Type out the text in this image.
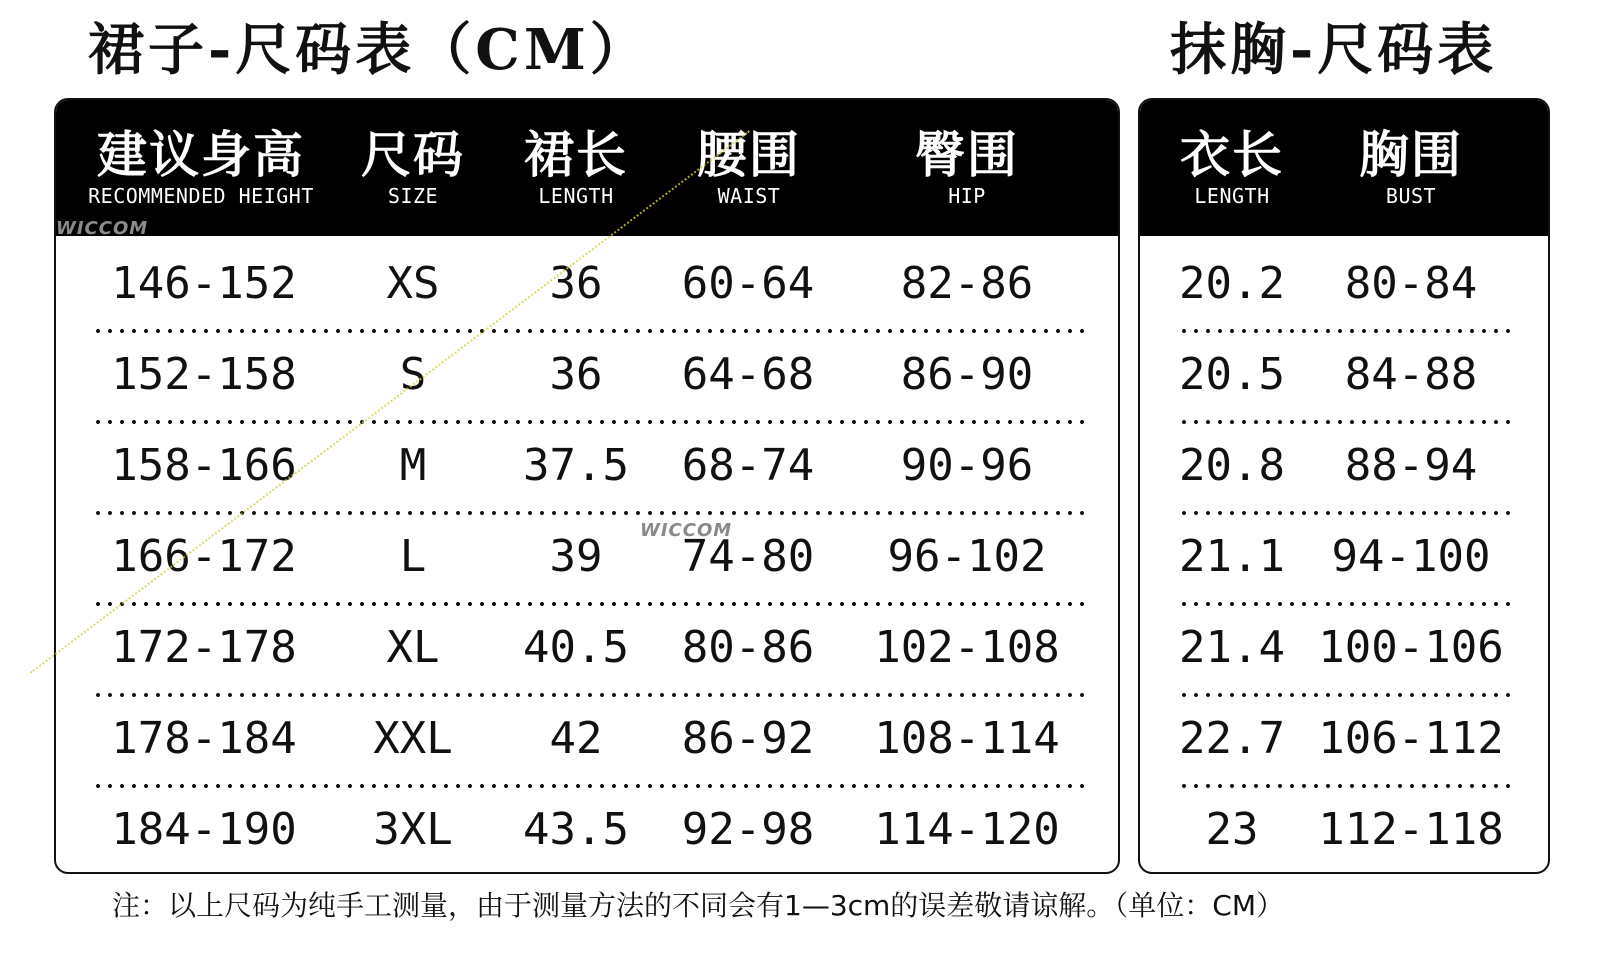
裙子-尺码表（CM）	抹胸-尺码表
建议身高
RECOMMENDED HEIGHT
尺码
SIZE
裙长
LENGTH
腰围
WAIST
臀围
HIP
146-152	XS	36	60-64	82-86
152-158	S	36	64-68	86-90
158-166	M	37.5	68-74	90-96
166-172	L	39	74-80	96-102
172-178	XL	40.5	80-86	102-108
178-184	XXL	42	86-92	108-114
184-190	3XL	43.5	92-98	114-120
WICCOM
WICCOM
衣长
LENGTH
胸围
BUST
20.2	80-84
20.5	84-88
20.8	88-94
21.1	94-100
21.4 100-106
22.7 106-112
23	112-118
注：以上尺码为纯手工测量，由于测量方法的不同会有1—3cm的误差敬请谅解。（单位：CM）
